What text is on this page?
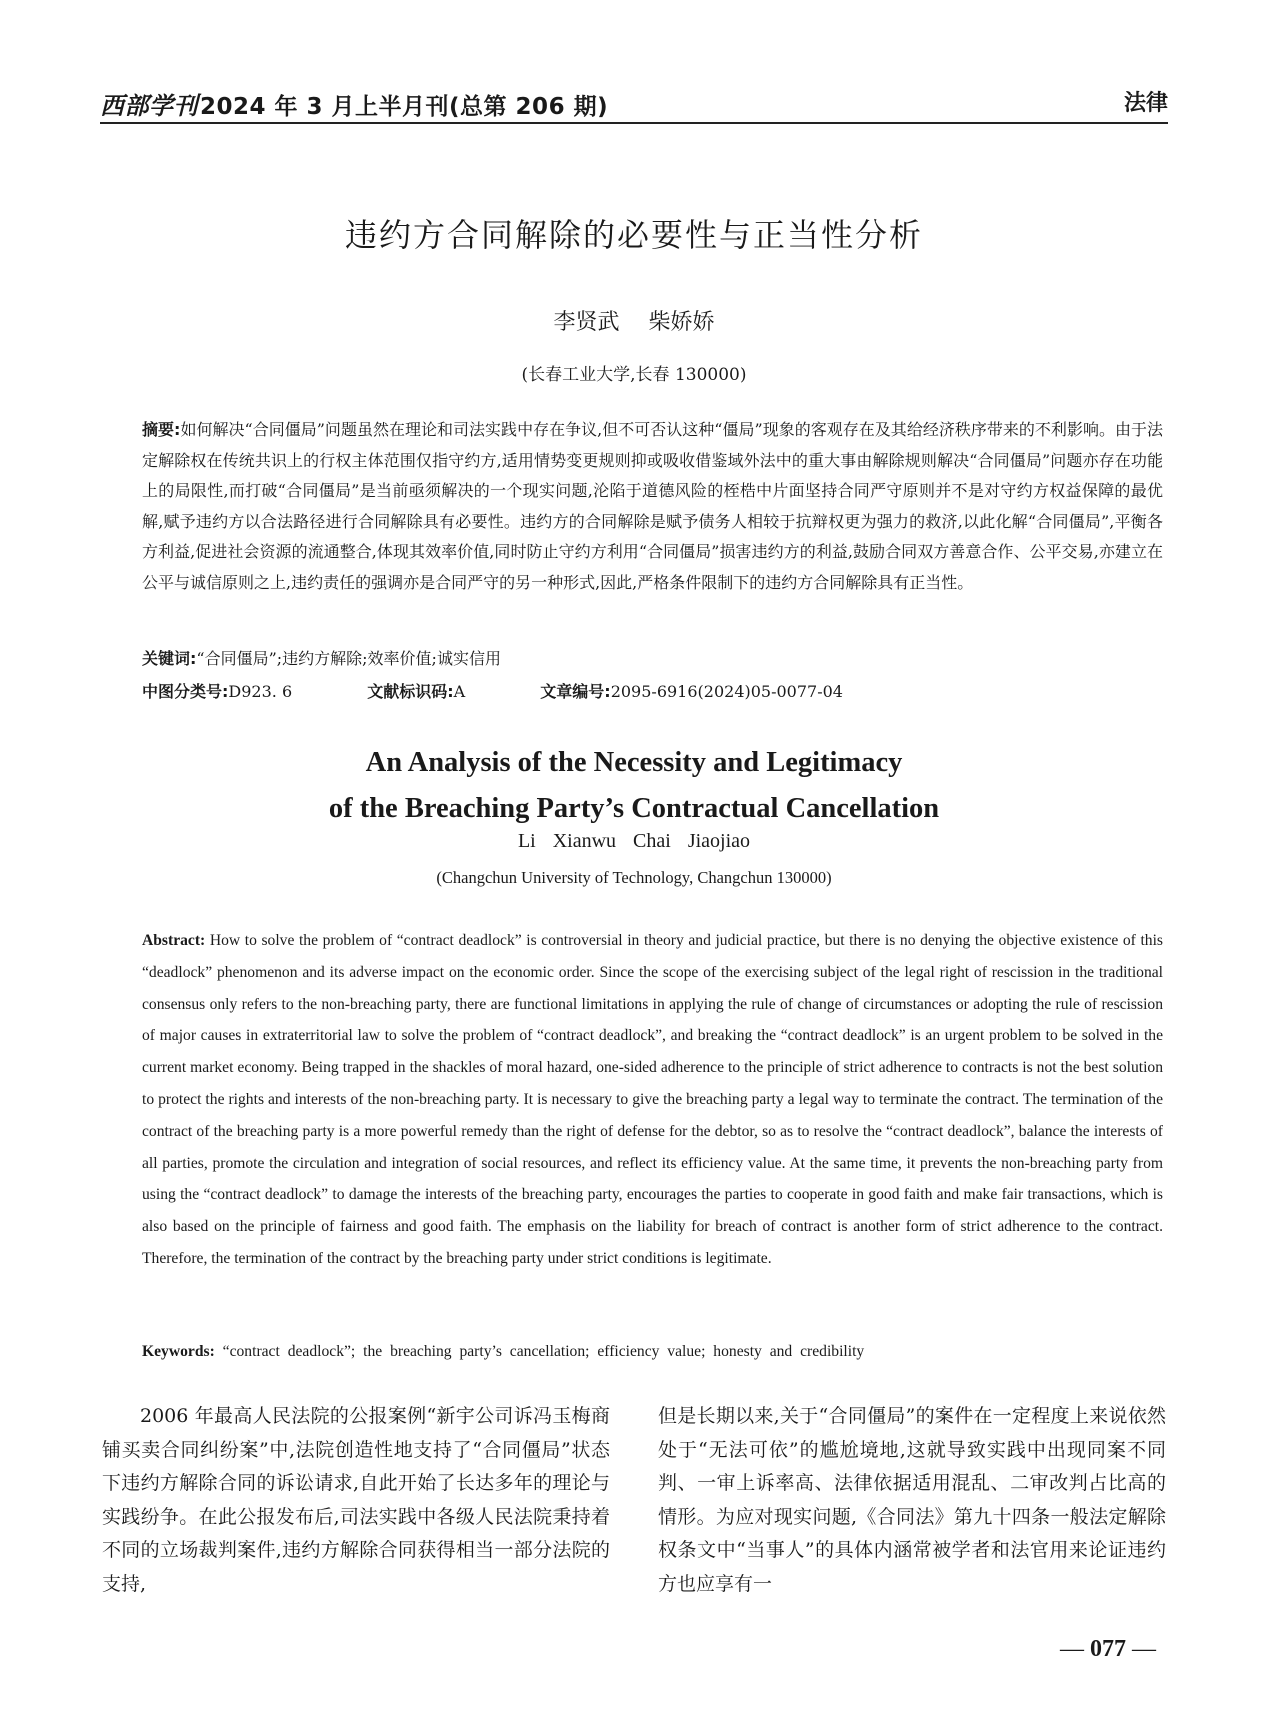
西部学刊2024 年 3 月上半月刊(总第 206 期)	法律
违约方合同解除的必要性与正当性分析
李贤武 柴娇娇
(长春工业大学,长春 130000)
摘要:如何解决“合同僵局”问题虽然在理论和司法实践中存在争议,但不可否认这种“僵局”现象的客观存在及其给经济秩序带来的不利影响。由于法定解除权在传统共识上的行权主体范围仅指守约方,适用情势变更规则抑或吸收借鉴域外法中的重大事由解除规则解决“合同僵局”问题亦存在功能上的局限性,而打破“合同僵局”是当前亟须解决的一个现实问题,沦陷于道德风险的桎梏中片面坚持合同严守原则并不是对守约方权益保障的最优解,赋予违约方以合法路径进行合同解除具有必要性。违约方的合同解除是赋予债务人相较于抗辩权更为强力的救济,以此化解“合同僵局”,平衡各方利益,促进社会资源的流通整合,体现其效率价值,同时防止守约方利用“合同僵局”损害违约方的利益,鼓励合同双方善意合作、公平交易,亦建立在公平与诚信原则之上,违约责任的强调亦是合同严守的另一种形式,因此,严格条件限制下的违约方合同解除具有正当性。
关键词:“合同僵局”;违约方解除;效率价值;诚实信用
中图分类号:D923. 6	文献标识码:A	文章编号:2095-6916(2024)05-0077-04
An Analysis of the Necessity and Legitimacy
of the Breaching Party’s Contractual Cancellation
Li Xianwu Chai Jiaojiao
(Changchun University of Technology, Changchun 130000)
Abstract: How to solve the problem of “contract deadlock” is controversial in theory and judicial practice, but there is no denying the objective existence of this “deadlock” phenomenon and its adverse impact on the economic order. Since the scope of the exercising subject of the legal right of rescission in the traditional consensus only refers to the non-breaching party, there are functional limitations in applying the rule of change of circumstances or adopting the rule of rescission of major causes in extraterritorial law to solve the problem of “contract deadlock”, and breaking the “contract deadlock” is an urgent problem to be solved in the current market economy. Being trapped in the shackles of moral hazard, one-sided adherence to the principle of strict adherence to contracts is not the best solution to protect the rights and interests of the non-breaching party. It is necessary to give the breaching party a legal way to terminate the contract. The termination of the contract of the breaching party is a more powerful remedy than the right of defense for the debtor, so as to resolve the “contract deadlock”, balance the interests of all parties, promote the circulation and integration of social resources, and reflect its efficiency value. At the same time, it prevents the non-breaching party from using the “contract deadlock” to damage the interests of the breaching party, encourages the parties to cooperate in good faith and make fair transactions, which is also based on the principle of fairness and good faith. The emphasis on the liability for breach of contract is another form of strict adherence to the contract. Therefore, the termination of the contract by the breaching party under strict conditions is legitimate.
Keywords: “contract deadlock”; the breaching party’s cancellation; efficiency value; honesty and credibility

2006 年最高人民法院的公报案例“新宇公司诉冯玉梅商铺买卖合同纠纷案”中,法院创造性地支持了“合同僵局”状态下违约方解除合同的诉讼请求,自此开始了长达多年的理论与实践纷争。在此公报发布后,司法实践中各级人民法院秉持着不同的立场裁判案件,违约方解除合同获得相当一部分法院的支持,

但是长期以来,关于“合同僵局”的案件在一定程度上来说依然处于“无法可依”的尴尬境地,这就导致实践中出现同案不同判、一审上诉率高、法律依据适用混乱、二审改判占比高的情形。为应对现实问题,《合同法》第九十四条一般法定解除权条文中“当事人”的具体内涵常被学者和法官用来论证违约方也应享有一

— 077 —
